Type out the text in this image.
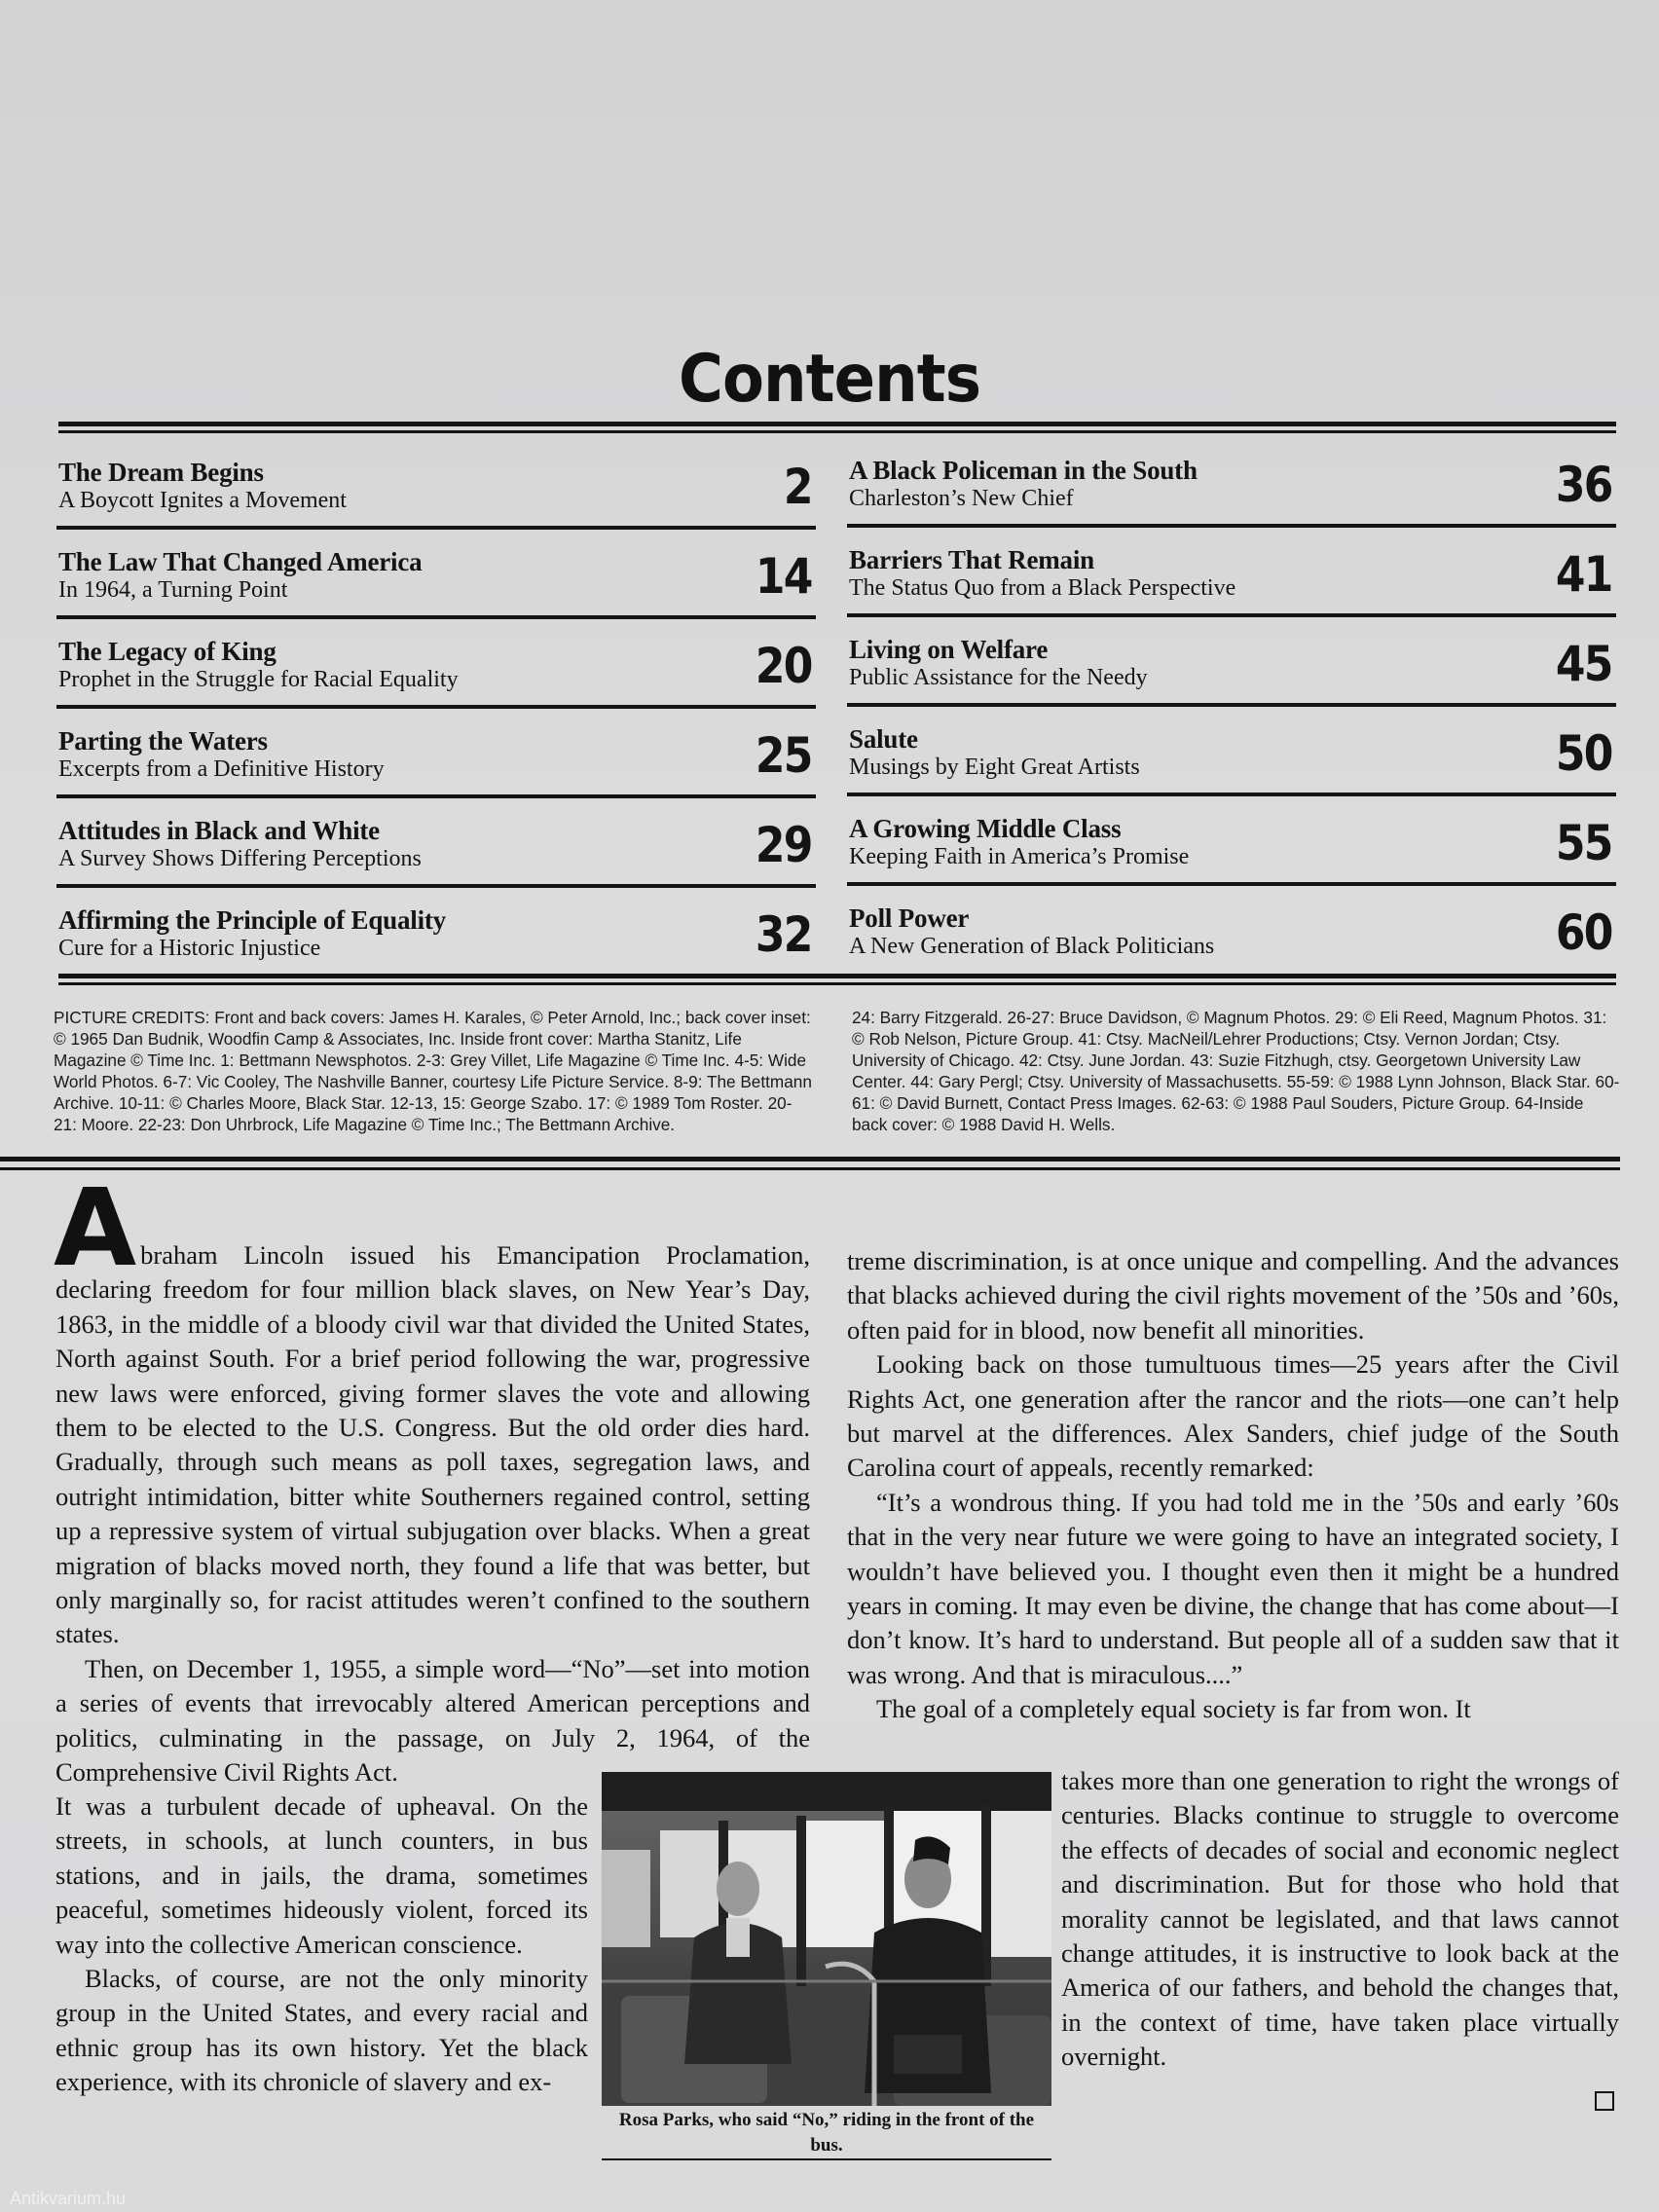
Contents
The Dream Begins
A Boycott Ignites a Movement	2
The Law That Changed America
In 1964, a Turning Point	14
The Legacy of King
Prophet in the Struggle for Racial Equality	20
Parting the Waters
Excerpts from a Definitive History	25
Attitudes in Black and White
A Survey Shows Differing Perceptions	29
Affirming the Principle of Equality
Cure for a Historic Injustice	32
A Black Policeman in the South
Charleston’s New Chief	36
Barriers That Remain
The Status Quo from a Black Perspective	41
Living on Welfare
Public Assistance for the Needy	45
Salute
Musings by Eight Great Artists	50
A Growing Middle Class
Keeping Faith in America’s Promise	55
Poll Power
A New Generation of Black Politicians	60
PICTURE CREDITS: Front and back covers: James H. Karales, © Peter Arnold, Inc.; back cover inset: © 1965 Dan Budnik, Woodfin Camp & Associates, Inc. Inside front cover: Martha Stanitz, Life Magazine © Time Inc. 1: Bettmann Newsphotos. 2-3: Grey Villet, Life Magazine © Time Inc. 4-5: Wide World Photos. 6-7: Vic Cooley, The Nashville Banner, courtesy Life Picture Service. 8-9: The Bettmann Archive. 10-11: © Charles Moore, Black Star. 12-13, 15: George Szabo. 17: © 1989 Tom Roster. 20-21: Moore. 22-23: Don Uhrbrock, Life Magazine © Time Inc.; The Bettmann Archive.
24: Barry Fitzgerald. 26-27: Bruce Davidson, © Magnum Photos. 29: © Eli Reed, Magnum Photos. 31: © Rob Nelson, Picture Group. 41: Ctsy. MacNeil/Lehrer Productions; Ctsy. Vernon Jordan; Ctsy. University of Chicago. 42: Ctsy. June Jordan. 43: Suzie Fitzhugh, ctsy. Georgetown University Law Center. 44: Gary Pergl; Ctsy. University of Massachusetts. 55-59: © 1988 Lynn Johnson, Black Star. 60-61: © David Burnett, Contact Press Images. 62-63: © 1988 Paul Souders, Picture Group. 64-Inside back cover: © 1988 David H. Wells.

Abraham Lincoln issued his Emancipation Proclamation, declaring freedom for four million black slaves, on New Year’s Day, 1863, in the middle of a bloody civil war that divided the United States, North against South. For a brief period following the war, progressive new laws were enforced, giving former slaves the vote and allowing them to be elected to the U.S. Congress. But the old order dies hard. Gradually, through such means as poll taxes, segregation laws, and outright intimidation, bitter white Southerners regained control, setting up a repressive system of virtual subjugation over blacks. When a great migration of blacks moved north, they found a life that was better, but only marginally so, for racist attitudes weren’t confined to the southern states.

Then, on December 1, 1955, a simple word—“No”—set into motion a series of events that irrevocably altered American perceptions and politics, culminating in the passage, on July 2, 1964, of the Comprehensive Civil Rights Act.

It was a turbulent decade of upheaval. On the streets, in schools, at lunch counters, in bus stations, and in jails, the drama, sometimes peaceful, sometimes hideously violent, forced its way into the collective American conscience.

Blacks, of course, are not the only minority group in the United States, and every racial and ethnic group has its own history. Yet the black experience, with its chronicle of slavery and ex-

treme discrimination, is at once unique and compelling. And the advances that blacks achieved during the civil rights movement of the ’50s and ’60s, often paid for in blood, now benefit all minorities.

Looking back on those tumultuous times—25 years after the Civil Rights Act, one generation after the rancor and the riots—one can’t help but marvel at the differences. Alex Sanders, chief judge of the South Carolina court of appeals, recently remarked:

“It’s a wondrous thing. If you had told me in the ’50s and early ’60s that in the very near future we were going to have an integrated society, I wouldn’t have believed you. I thought even then it might be a hundred years in coming. It may even be divine, the change that has come about—I don’t know. It’s hard to understand. But people all of a sudden saw that it was wrong. And that is miraculous....”

The goal of a completely equal society is far from won. It

takes more than one generation to right the wrongs of centuries. Blacks continue to struggle to overcome the effects of decades of social and economic neglect and discrimination. But for those who hold that morality cannot be legislated, and that laws cannot change attitudes, it is instructive to look back at the America of our fathers, and behold the changes that, in the context of time, have taken place virtually overnight.

Rosa Parks, who said “No,” riding in the front of the bus.
Antikvarium.hu
